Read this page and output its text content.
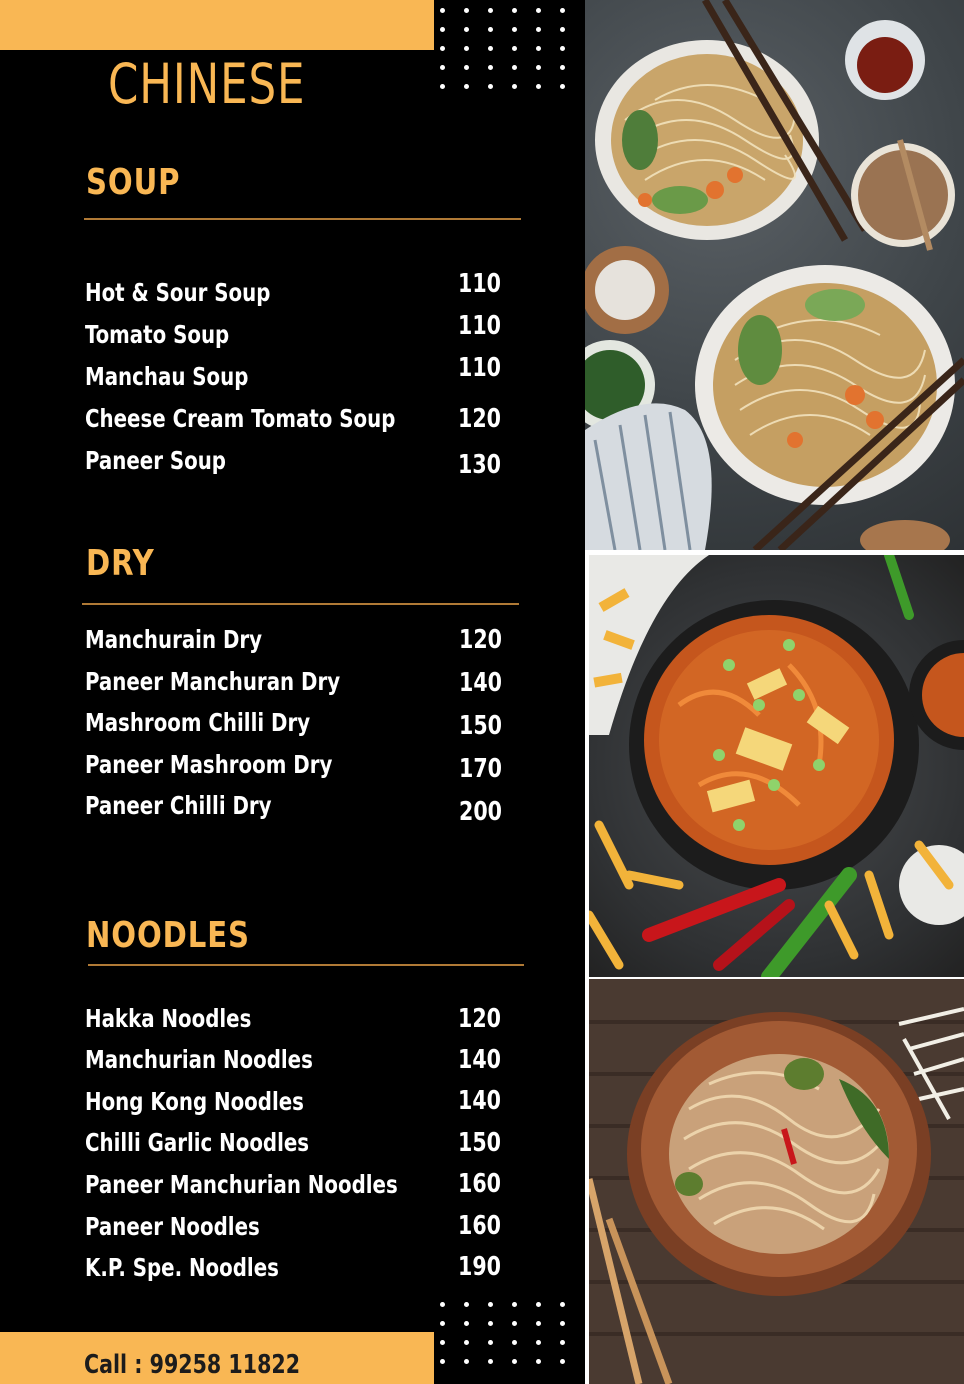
CHINESE
SOUP
Hot & Sour Soup	110
Tomato Soup	110
Manchau Soup	110
Cheese Cream Tomato Soup 120
Paneer Soup	130
DRY
Manchurain Dry	120
Paneer Manchuran Dry	140
Mashroom Chilli Dry	150
Paneer Mashroom Dry	170
Paneer Chilli Dry	200
NOODLES
Hakka Noodles	120
Manchurian Noodles	140
Hong Kong Noodles	140
Chilli Garlic Noodles	150
Paneer Manchurian Noodles 160
Paneer Noodles	160
K.P. Spe. Noodles	190
Call : 99258 11822
